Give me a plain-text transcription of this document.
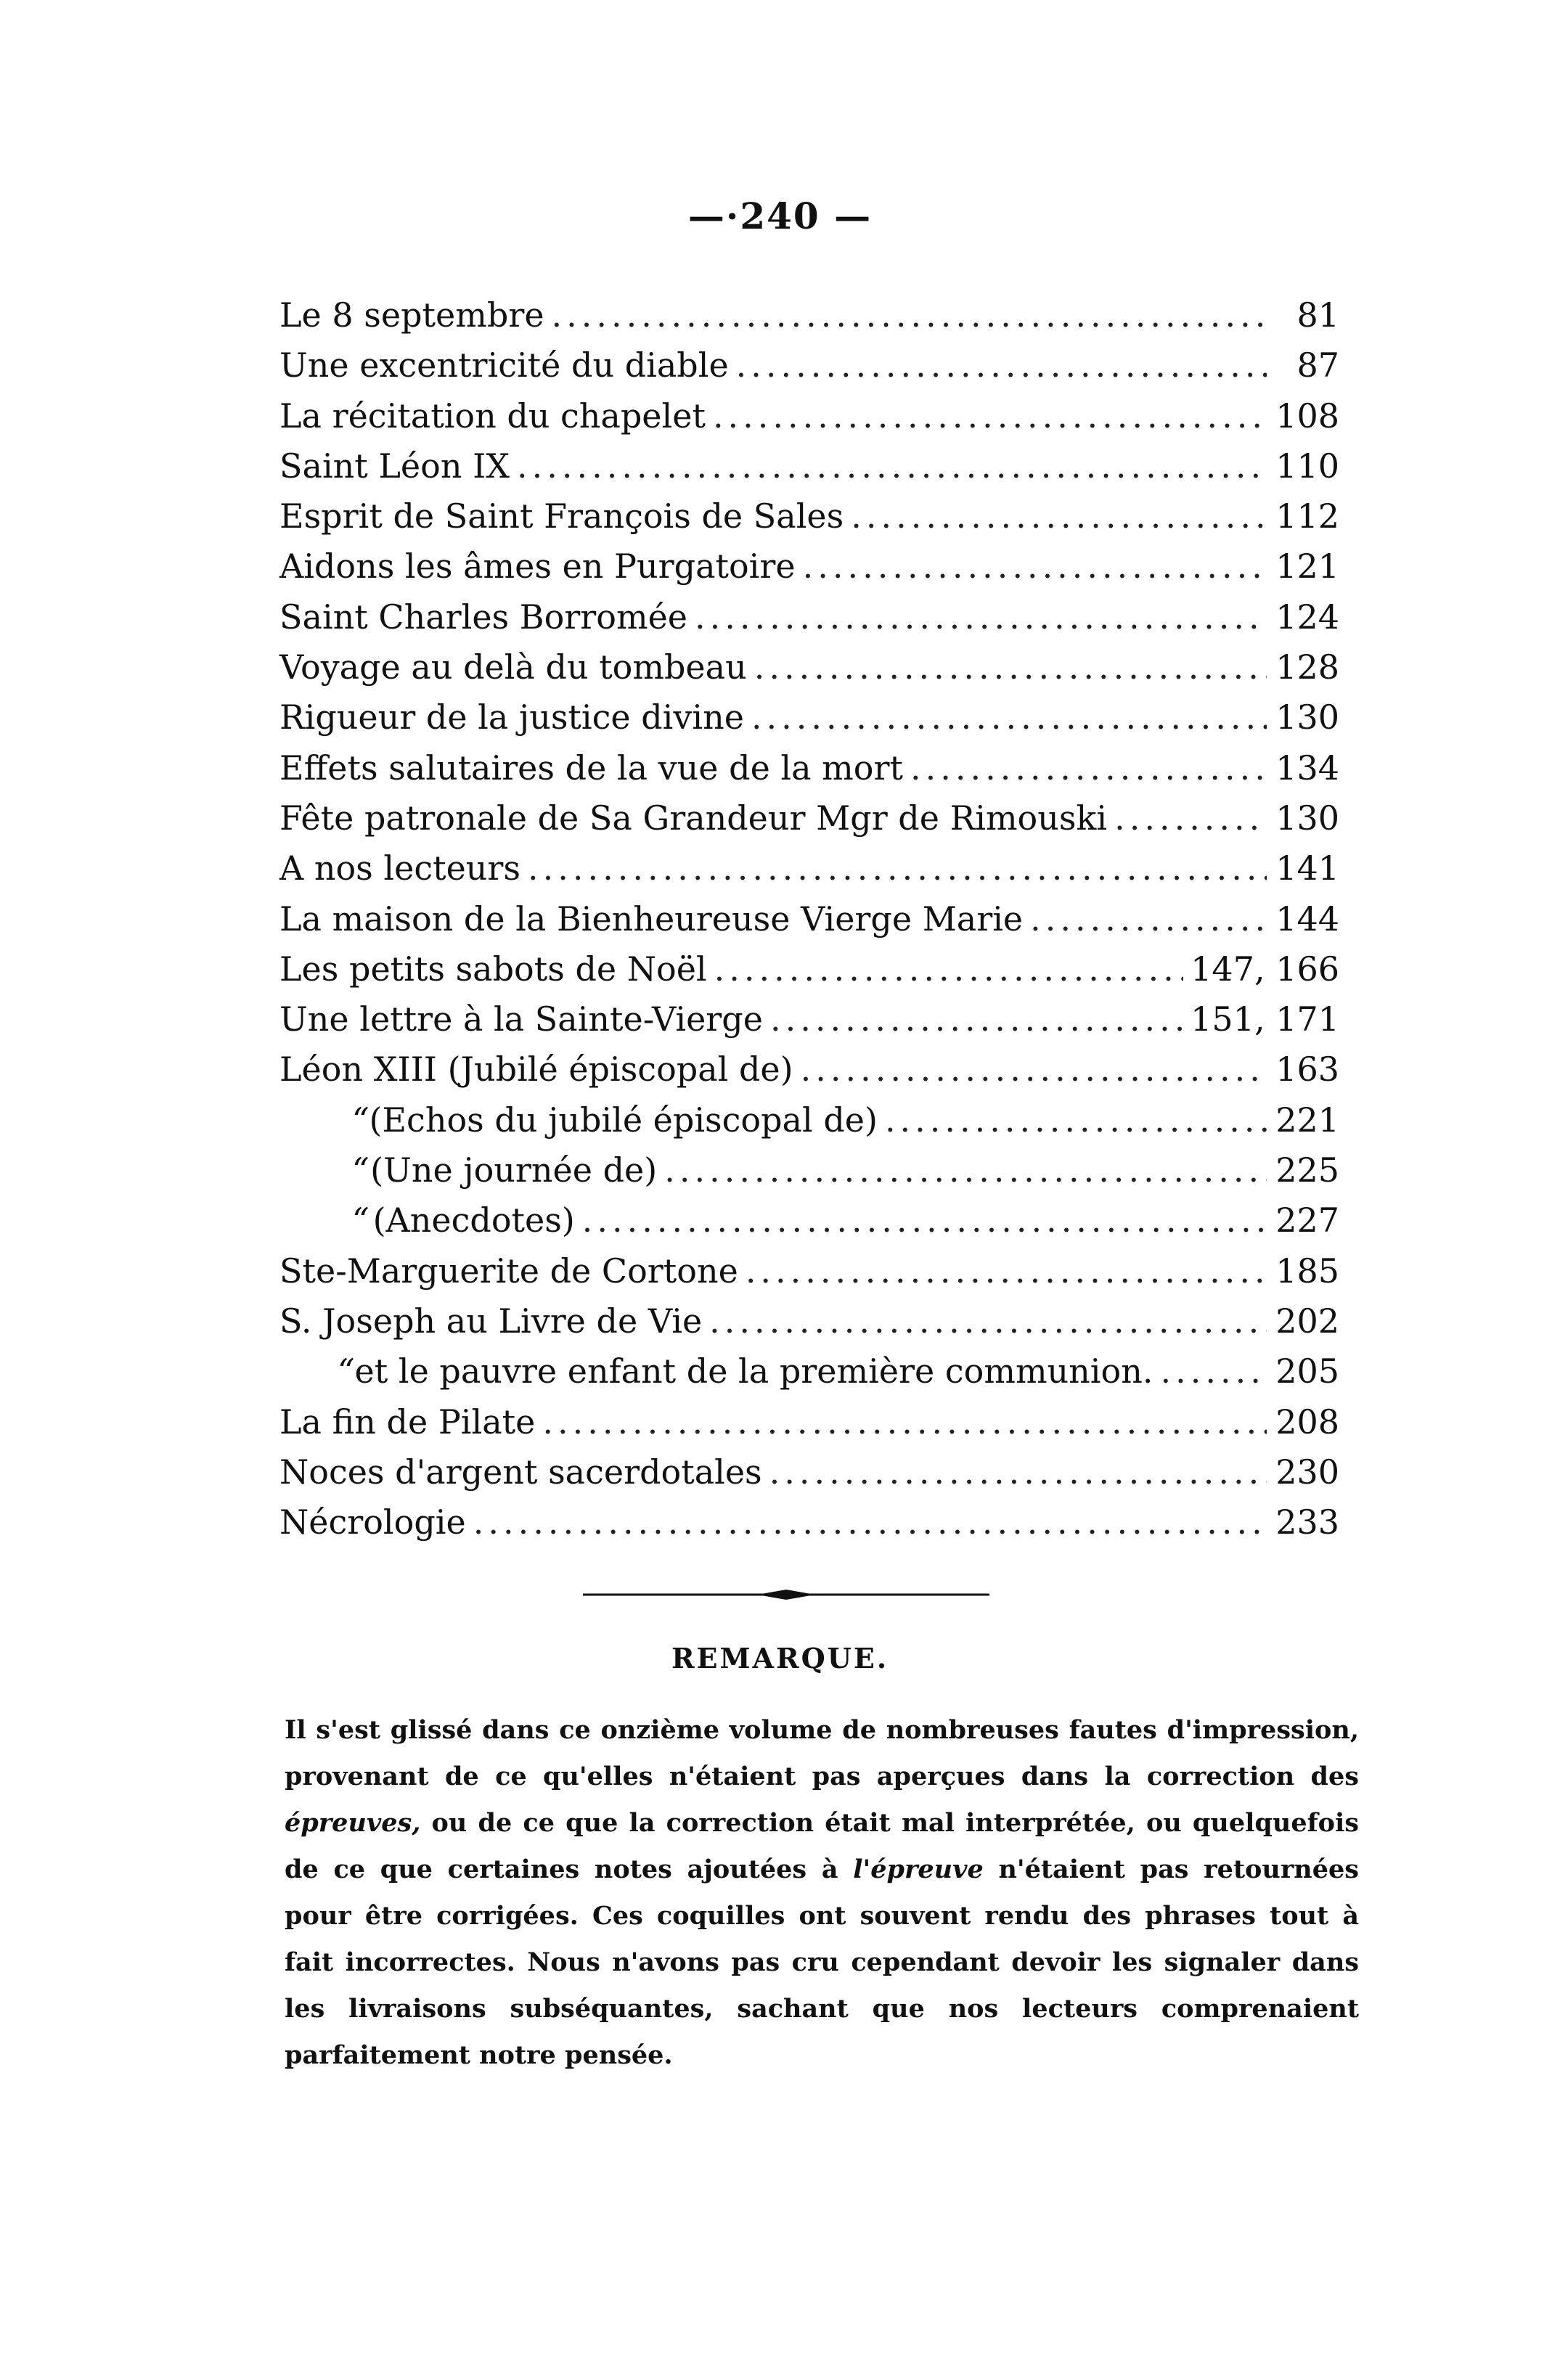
—·240 —
Le 8 septembre .....	81
Une excentricité du diable .....	87
La récitation du chapelet .....	108
Saint Léon IX .....	110
Esprit de Saint François de Sales .....	112
Aidons les âmes en Purgatoire .....	121
Saint Charles Borromée .....	124
Voyage au delà du tombeau .....	128
Rigueur de la justice divine .....	130
Effets salutaires de la vue de la mort .....	134
Fête patronale de Sa Grandeur Mgr de Rimouski .....	130
A nos lecteurs .....	141
La maison de la Bienheureuse Vierge Marie .....	144
Les petits sabots de Noël .....	147, 166
Une lettre à la Sainte-Vierge .....	151, 171
Léon XIII (Jubilé épiscopal de) .....	163
“ (Echos du jubilé épiscopal de) .....	221
“ (Une journée de) .....	225
“ (Anecdotes) .....	227
Ste-Marguerite de Cortone .....	185
S. Joseph au Livre de Vie .....	202
“ et le pauvre enfant de la première communion. .....	205
La fin de Pilate .....	208
Noces d'argent sacerdotales .....	230
Nécrologie .....	233
REMARQUE.
Il s'est glissé dans ce onzième volume de nombreuses fautes d'impression, provenant de ce qu'elles n'étaient pas aperçues dans la correction des épreuves, ou de ce que la correction était mal interprétée, ou quelquefois de ce que certaines notes ajoutées à l'épreuve n'étaient pas retournées pour être corrigées. Ces coquilles ont souvent rendu des phrases tout à fait incorrectes. Nous n'avons pas cru cependant devoir les signaler dans les livraisons subséquantes, sachant que nos lecteurs comprenaient parfaitement notre pensée.
